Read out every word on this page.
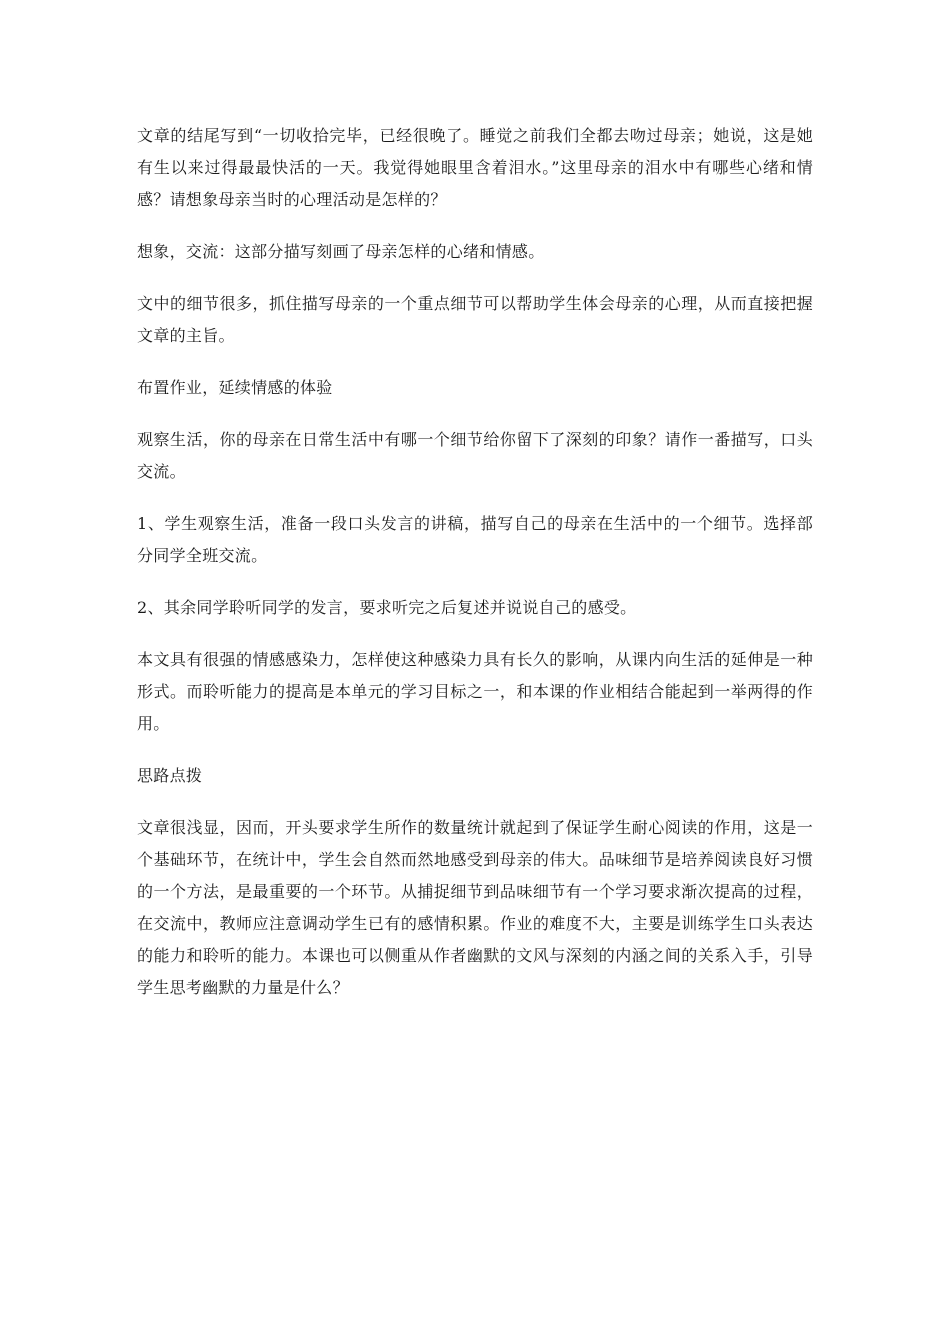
文章的结尾写到“一切收拾完毕，已经很晚了。睡觉之前我们全都去吻过母亲；她说，这是她有生以来过得最最快活的一天。我觉得她眼里含着泪水。”这里母亲的泪水中有哪些心绪和情感？请想象母亲当时的心理活动是怎样的？

想象，交流：这部分描写刻画了母亲怎样的心绪和情感。

文中的细节很多，抓住描写母亲的一个重点细节可以帮助学生体会母亲的心理，从而直接把握文章的主旨。

布置作业，延续情感的体验

观察生活，你的母亲在日常生活中有哪一个细节给你留下了深刻的印象？请作一番描写，口头交流。

1、学生观察生活，准备一段口头发言的讲稿，描写自己的母亲在生活中的一个细节。选择部分同学全班交流。

2、其余同学聆听同学的发言，要求听完之后复述并说说自己的感受。

本文具有很强的情感感染力，怎样使这种感染力具有长久的影响，从课内向生活的延伸是一种形式。而聆听能力的提高是本单元的学习目标之一，和本课的作业相结合能起到一举两得的作用。

思路点拨

文章很浅显，因而，开头要求学生所作的数量统计就起到了保证学生耐心阅读的作用，这是一个基础环节，在统计中，学生会自然而然地感受到母亲的伟大。品味细节是培养阅读良好习惯的一个方法，是最重要的一个环节。从捕捉细节到品味细节有一个学习要求渐次提高的过程，在交流中，教师应注意调动学生已有的感情积累。作业的难度不大，主要是训练学生口头表达的能力和聆听的能力。本课也可以侧重从作者幽默的文风与深刻的内涵之间的关系入手，引导学生思考幽默的力量是什么？
